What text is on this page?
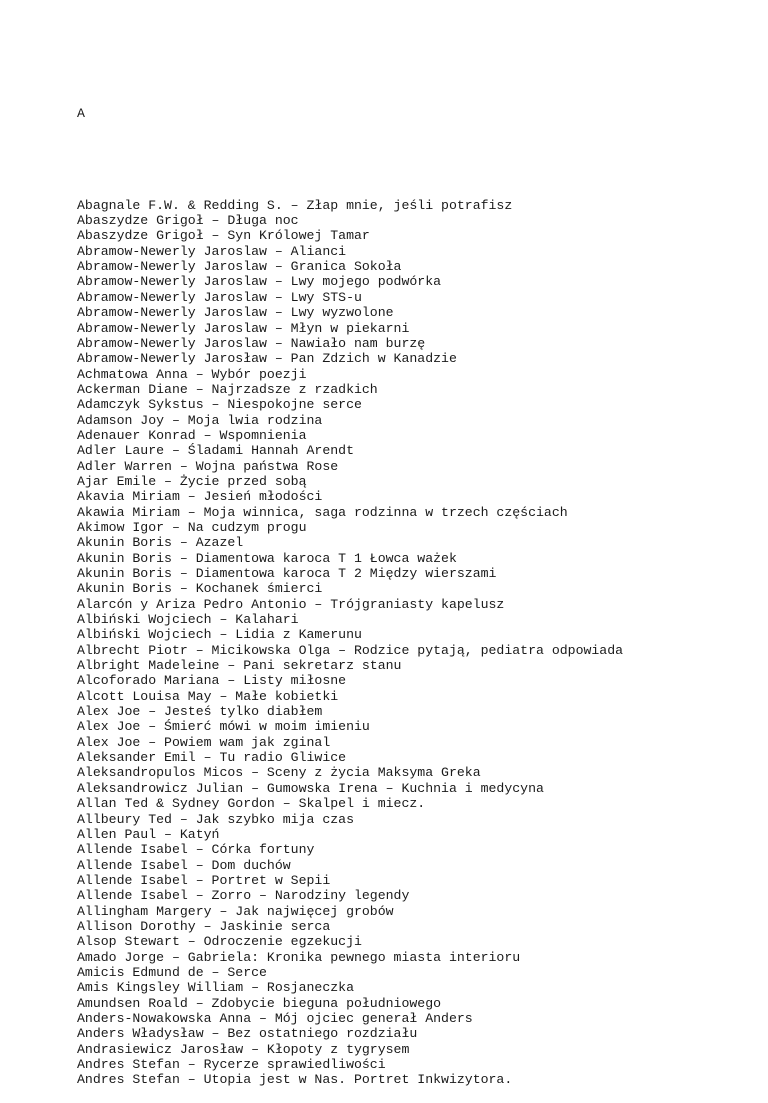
A

Abagnale F.W. & Redding S. – Złap mnie, jeśli potrafisz
Abaszydze Grigoł – Długa noc
Abaszydze Grigoł – Syn Królowej Tamar
Abramow-Newerly Jaroslaw – Alianci
Abramow-Newerly Jaroslaw – Granica Sokoła
Abramow-Newerly Jaroslaw – Lwy mojego podwórka
Abramow-Newerly Jaroslaw – Lwy STS-u
Abramow-Newerly Jaroslaw – Lwy wyzwolone
Abramow-Newerly Jaroslaw – Młyn w piekarni
Abramow-Newerly Jaroslaw – Nawiało nam burzę
Abramow-Newerly Jarosław – Pan Zdzich w Kanadzie
Achmatowa Anna – Wybór poezji
Ackerman Diane – Najrzadsze z rzadkich
Adamczyk Sykstus – Niespokojne serce
Adamson Joy – Moja lwia rodzina
Adenauer Konrad – Wspomnienia
Adler Laure – Śladami Hannah Arendt
Adler Warren – Wojna państwa Rose
Ajar Emile – Życie przed sobą
Akavia Miriam – Jesień młodości
Akawia Miriam – Moja winnica, saga rodzinna w trzech częściach
Akimow Igor – Na cudzym progu
Akunin Boris – Azazel
Akunin Boris – Diamentowa karoca T 1 Łowca ważek
Akunin Boris – Diamentowa karoca T 2 Między wierszami
Akunin Boris – Kochanek śmierci
Alarcón y Ariza Pedro Antonio – Trójgraniasty kapelusz
Albiński Wojciech – Kalahari
Albiński Wojciech – Lidia z Kamerunu
Albrecht Piotr – Micikowska Olga – Rodzice pytają, pediatra odpowiada
Albright Madeleine – Pani sekretarz stanu
Alcoforado Mariana – Listy miłosne
Alcott Louisa May – Małe kobietki
Alex Joe – Jesteś tylko diabłem
Alex Joe – Śmierć mówi w moim imieniu
Alex Joe – Powiem wam jak zginal
Aleksander Emil – Tu radio Gliwice
Aleksandropulos Micos – Sceny z życia Maksyma Greka
Aleksandrowicz Julian – Gumowska Irena – Kuchnia i medycyna
Allan Ted & Sydney Gordon – Skalpel i miecz.
Allbeury Ted – Jak szybko mija czas
Allen Paul – Katyń
Allende Isabel – Córka fortuny
Allende Isabel – Dom duchów
Allende Isabel – Portret w Sepii
Allende Isabel – Zorro – Narodziny legendy
Allingham Margery – Jak najwięcej grobów
Allison Dorothy – Jaskinie serca
Alsop Stewart – Odroczenie egzekucji
Amado Jorge – Gabriela: Kronika pewnego miasta interioru
Amicis Edmund de – Serce
Amis Kingsley William – Rosjaneczka
Amundsen Roald – Zdobycie bieguna południowego
Anders-Nowakowska Anna – Mój ojciec generał Anders
Anders Władysław – Bez ostatniego rozdziału
Andrasiewicz Jarosław – Kłopoty z tygrysem
Andres Stefan – Rycerze sprawiedliwości
Andres Stefan – Utopia jest w Nas. Portret Inkwizytora.
